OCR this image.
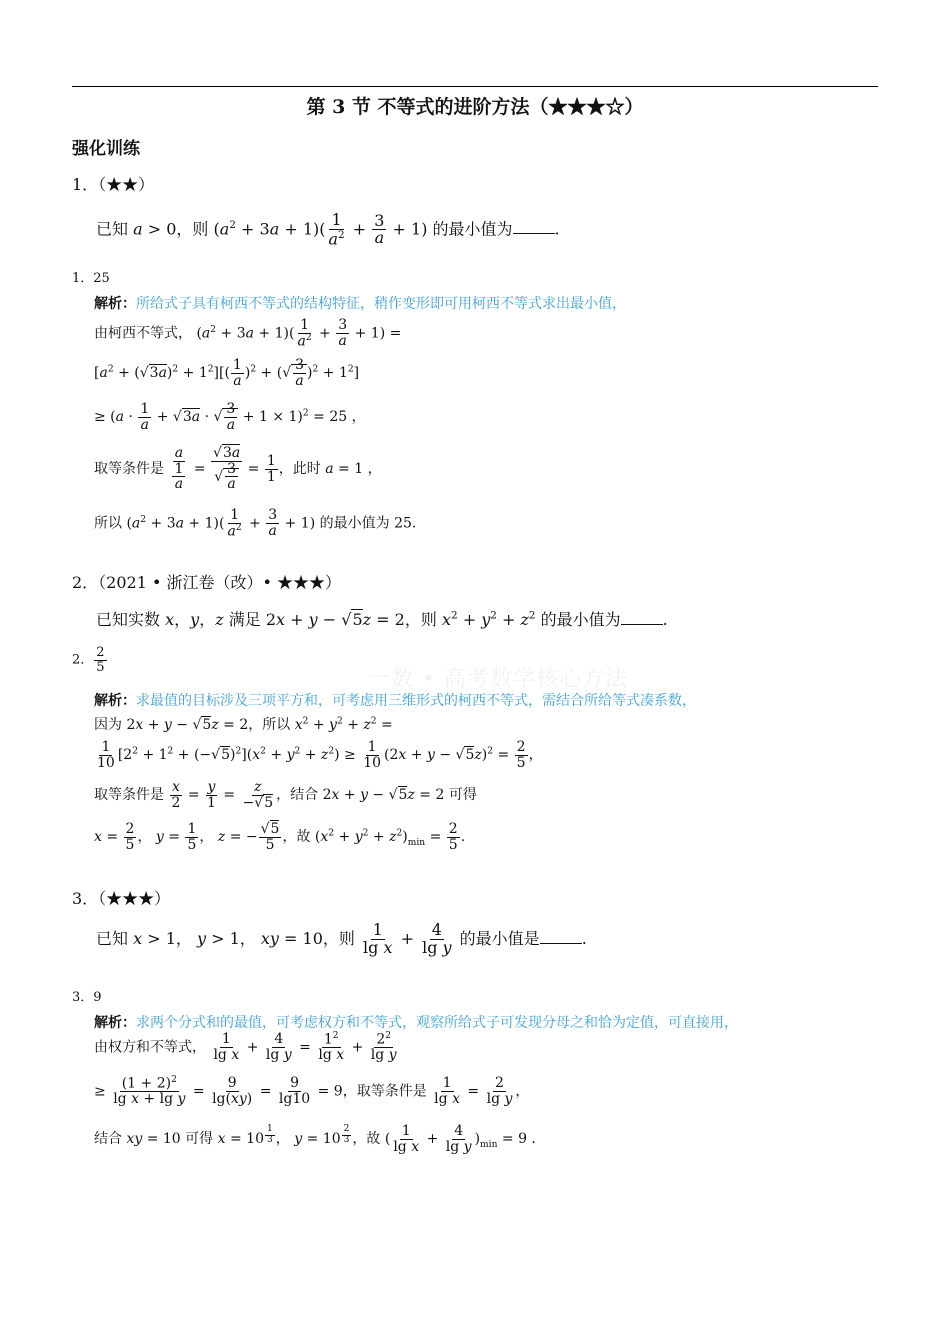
第 3 节 不等式的进阶方法（★★★☆）
强化训练
一数 • 高考数学核心方法
1．（★★）
已知 a > 0，则 $(a^2 + 3a + 1)( \frac{1}{a^2} + \frac{3}{a} + 1)$ 的最小值为	.
1．25
解析：所给式子具有柯西不等式的结构特征，稍作变形即可用柯西不等式求出最小值，
由柯西不等式， $(a^2 + 3a + 1)( \frac{1}{a^2} + \frac{3}{a} + 1)$ =
$[a^2 + (√3a)^2 + 1^2][( \frac{1}{a} )^2$ + (√ $\frac{3}{a} )^2 + 1^2$]
≥ ($a \cdot \frac{1}{a} + √3a$ · √ $\frac{3}{a} + 1 \times 1)^2 = 25$ ，
取等条件是 $\frac{a}{\frac{1}{a}} = \frac{√3a}{√ \frac{3}{a}} = \frac{1}{1}$ ，此时 a = 1 ，
所以 $(a^2 + 3a + 1)( \frac{1}{a^2} + \frac{3}{a} + 1)$ 的最小值为 25.
2．（2021 • 浙江卷（改）• ★★★）
已知实数 x，y，z 满足 2x + y − √5z = 2，则 $x^2 + y^2 + z^2$ 的最小值为	.
2． $\frac{2}{5}$
解析：求最值的目标涉及三项平方和，可考虑用三维形式的柯西不等式，需结合所给等式凑系数，
因为 2x + y − √5z = 2，所以 $x^2 + y^2 + z^2$ =
$\frac{1}{10} [2^2 + 1^2 + (-√5)^2](x^2 + y^2 + z^2) \ge \frac{1}{10} (2x + y - √5z)^2 = \frac{2}{5}$ ，
取等条件是 $\frac{x}{2} = \frac{y}{1} = \frac{z}{-√5}$ ，结合 2x + y − √5z = 2 可得
$x = \frac{2}{5}$ ， $y = \frac{1}{5}$ ， z = − $\frac{√5}{5}$ ，故 $(x^2 + y^2 + z^2)_{min} = \frac{2}{5}$ .
3．（★★★）
已知 x > 1， y > 1， xy = 10，则 $\frac{1}{\text{lg x}} + \frac{4}{\text{lg y}}$ 的最小值是	.
3．9
解析：求两个分式和的最值，可考虑权方和不等式，观察所给式子可发现分母之和恰为定值，可直接用，
由权方和不等式， $\frac{1}{\text{lg x}} + \frac{4}{\text{lg y}} = \frac{1^2}{\text{lg x}} + \frac{2^2}{\text{lg y}}$
≥ $\frac{(1 + 2)^2}{\text{lg x + lg y}} = \frac{9}{\lg(xy)} = \frac{9}{\lg 10} = 9$，取等条件是 $\frac{1}{\text{lg x}} = \frac{2}{\text{lg y}}$ ，
结合 xy = 10 可得 x = 10 $^{\frac{1}{3}}$ ， y = 10 $^{\frac{2}{3}}$ ，故 ( $\frac{1}{\text{lg x}} + \frac{4}{\text{lg y}} )_{min} = 9$ .
